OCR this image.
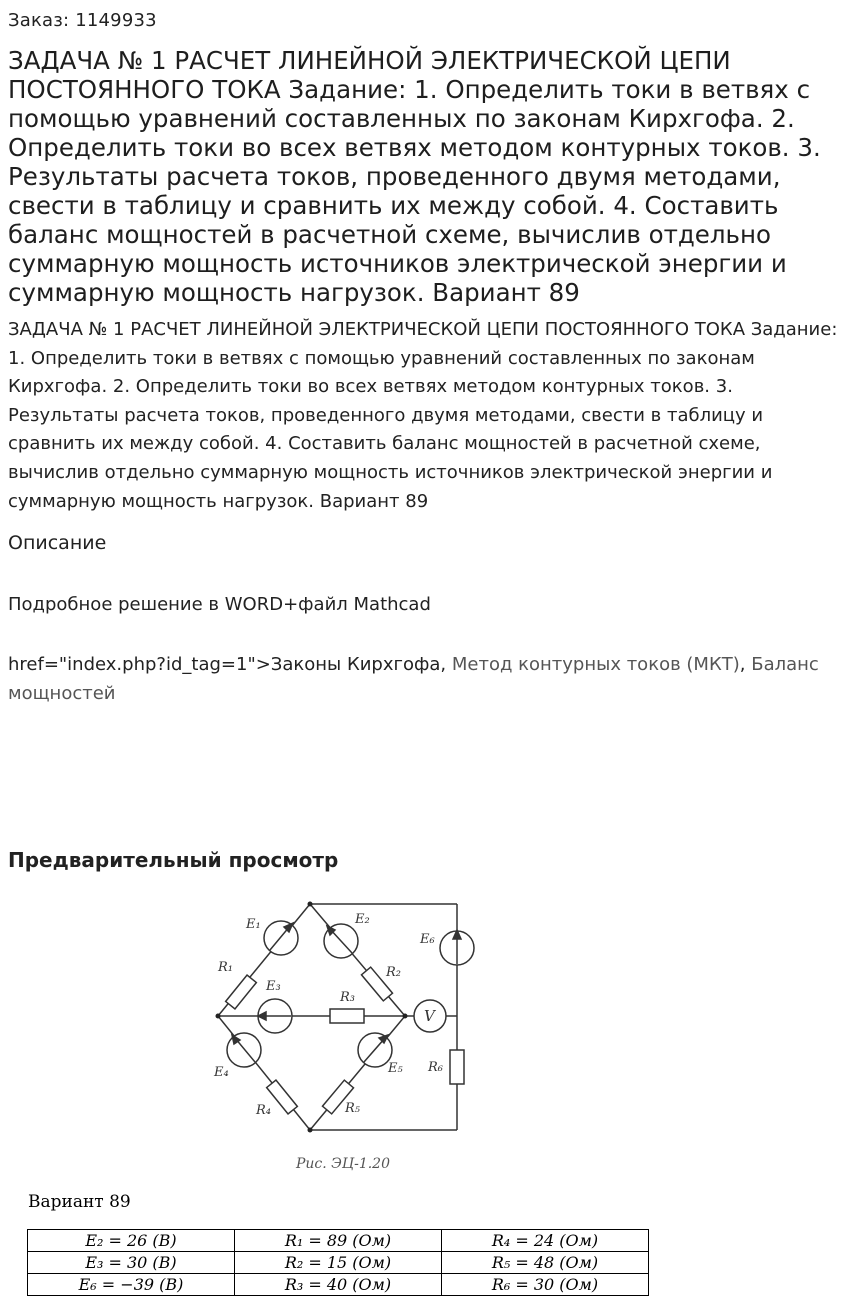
Заказ: 1149933
ЗАДАЧА № 1 РАСЧЕТ ЛИНЕЙНОЙ ЭЛЕКТРИЧЕСКОЙ ЦЕПИ ПОСТОЯННОГО ТОКА Задание: 1. Определить токи в ветвях с помощью уравнений составленных по законам Кирхгофа. 2. Определить токи во всех ветвях методом контурных токов. 3. Результаты расчета токов, проведенного двумя методами, свести в таблицу и сравнить их между собой. 4. Составить баланс мощностей в расчетной схеме, вычислив отдельно суммарную мощность источников электрической энергии и суммарную мощность нагрузок. Вариант 89

ЗАДАЧА № 1 РАСЧЕТ ЛИНЕЙНОЙ ЭЛЕКТРИЧЕСКОЙ ЦЕПИ ПОСТОЯННОГО ТОКА Задание: 1. Определить токи в ветвях с помощью уравнений составленных по законам Кирхгофа. 2. Определить токи во всех ветвях методом контурных токов. 3. Результаты расчета токов, проведенного двумя методами, свести в таблицу и сравнить их между собой. 4. Составить баланс мощностей в расчетной схеме, вычислив отдельно суммарную мощность источников электрической энергии и суммарную мощность нагрузок. Вариант 89

Описание
Подробное решение в WORD+файл Mathcad
href="index.php?id_tag=1">Законы Кирхгофа, Метод контурных токов (МКТ), Баланс мощностей
Предварительный просмотр
E₁	E₂
E₃
E₄	E₅
E₆
R₁	R₂
R₃
R₄	R₅
R₆
V
Рис. ЭЦ-1.20
Вариант 89
E₂ = 26 (B)	R₁ = 89 (Ом)	R₄ = 24 (Ом)
E₃ = 30 (B)	R₂ = 15 (Ом)	R₅ = 48 (Ом)
E₆ = −39 (B)	R₃ = 40 (Ом)	R₆ = 30 (Ом)
